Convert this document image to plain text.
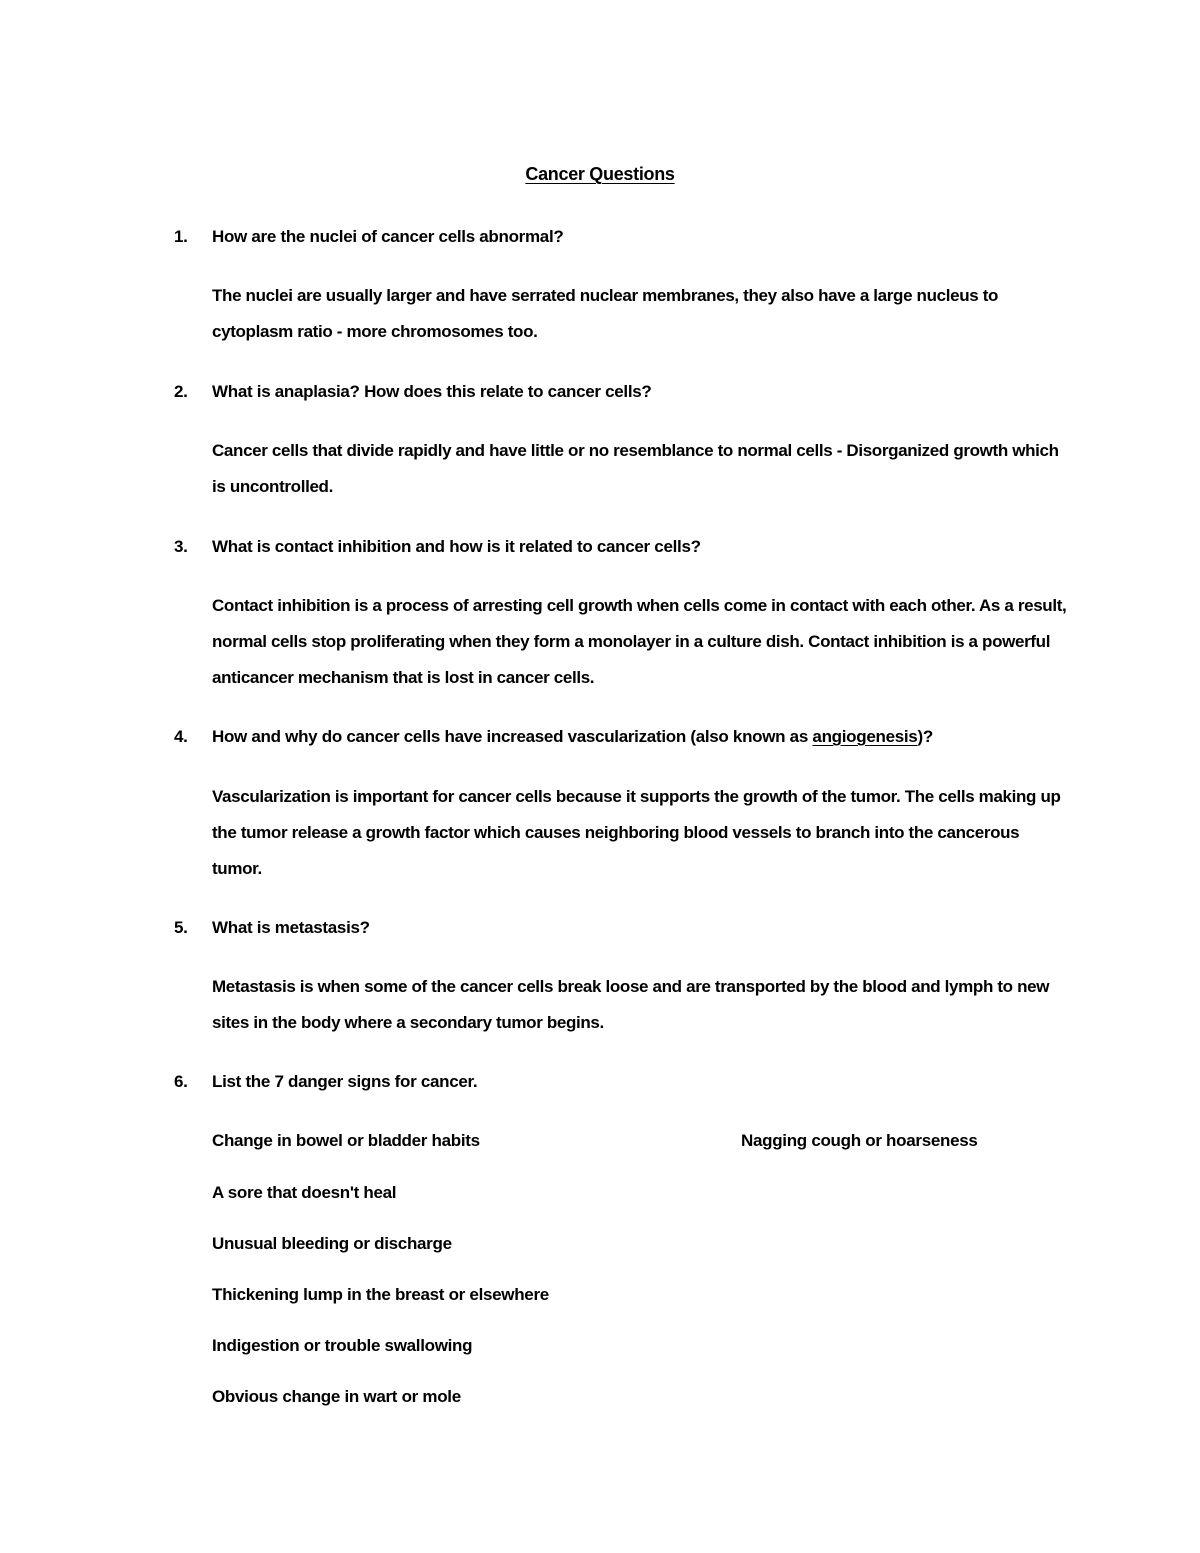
Cancer Questions
1. How are the nuclei of cancer cells abnormal?

The nuclei are usually larger and have serrated nuclear membranes, they also have a large nucleus to cytoplasm ratio - more chromosomes too.

2. What is anaplasia? How does this relate to cancer cells?

Cancer cells that divide rapidly and have little or no resemblance to normal cells - Disorganized growth which is uncontrolled.

3. What is contact inhibition and how is it related to cancer cells?

Contact inhibition is a process of arresting cell growth when cells come in contact with each other. As a result, normal cells stop proliferating when they form a monolayer in a culture dish. Contact inhibition is a powerful anticancer mechanism that is lost in cancer cells.

4. How and why do cancer cells have increased vascularization (also known as angiogenesis)?

Vascularization is important for cancer cells because it supports the growth of the tumor. The cells making up the tumor release a growth factor which causes neighboring blood vessels to branch into the cancerous tumor.

5. What is metastasis?

Metastasis is when some of the cancer cells break loose and are transported by the blood and lymph to new sites in the body where a secondary tumor begins.

6. List the 7 danger signs for cancer.
Change in bowel or bladder habits	Nagging cough or hoarseness
A sore that doesn't heal
Unusual bleeding or discharge
Thickening lump in the breast or elsewhere
Indigestion or trouble swallowing
Obvious change in wart or mole
